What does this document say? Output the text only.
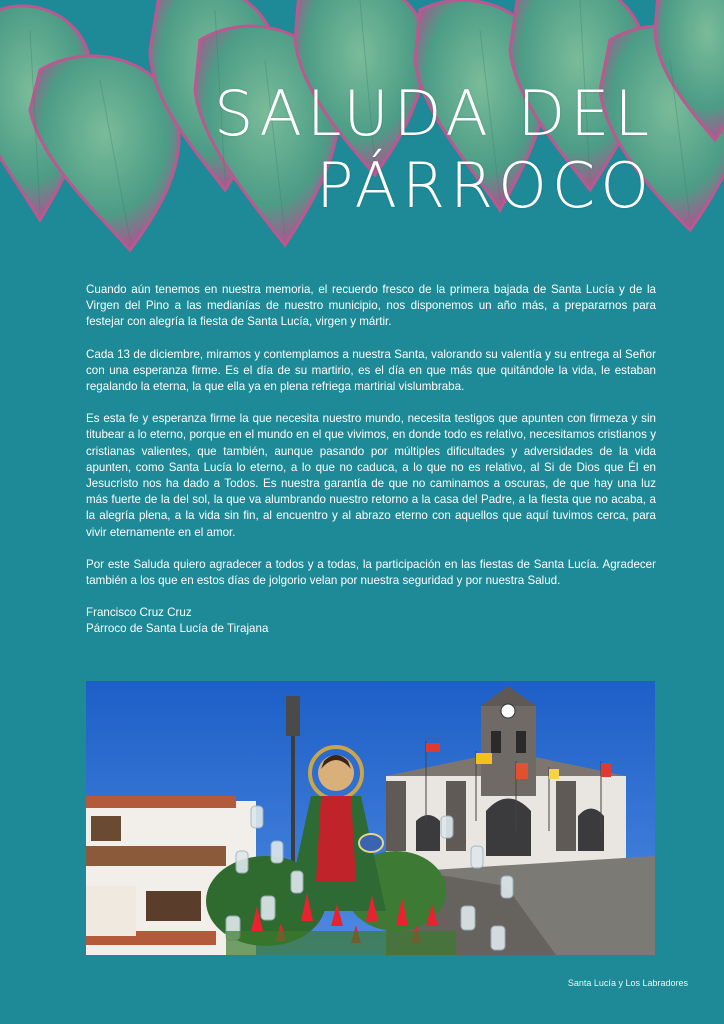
SALUDA DEL
PÁRROCO

Cuando aún tenemos en nuestra memoria, el recuerdo fresco de la primera bajada de Santa Lucía y de la Virgen del Pino a las medianías de nuestro municipio, nos disponemos un año más, a prepararnos para festejar con alegría la fiesta de Santa Lucía, virgen y mártir.

Cada 13 de diciembre, miramos y contemplamos a nuestra Santa, valorando su valentía y su entrega al Señor con una esperanza firme. Es el día de su martirio, es el día en que más que quitándole la vida, le estaban regalando la eterna, la que ella ya en plena refriega martirial vislumbraba.

Es esta fe y esperanza firme la que necesita nuestro mundo, necesita testigos que apunten con firmeza y sin titubear a lo eterno, porque en el mundo en el que vivimos, en donde todo es relativo, necesitamos cristianos y cristianas valientes, que también, aunque pasando por múltiples dificultades y adversidades de la vida apunten, como Santa Lucía lo eterno, a lo que no caduca, a lo que no es relativo, al Si de Dios que Él en Jesucristo nos ha dado a Todos. Es nuestra garantía de que no caminamos a oscuras, de que hay una luz más fuerte de la del sol, la que va alumbrando nuestro retorno a la casa del Padre, a la fiesta que no acaba, a la alegría plena, a la vida sin fin, al encuentro y al abrazo eterno con aquellos que aquí tuvimos cerca, para vivir eternamente en el amor.

Por este Saluda quiero agradecer a todos y a todas, la participación en las fiestas de Santa Lucía. Agradecer también a los que en estos días de jolgorio velan por nuestra seguridad y por nuestra Salud.

Francisco Cruz Cruz
Párroco de Santa Lucía de Tirajana
Santa Lucía y Los Labradores
